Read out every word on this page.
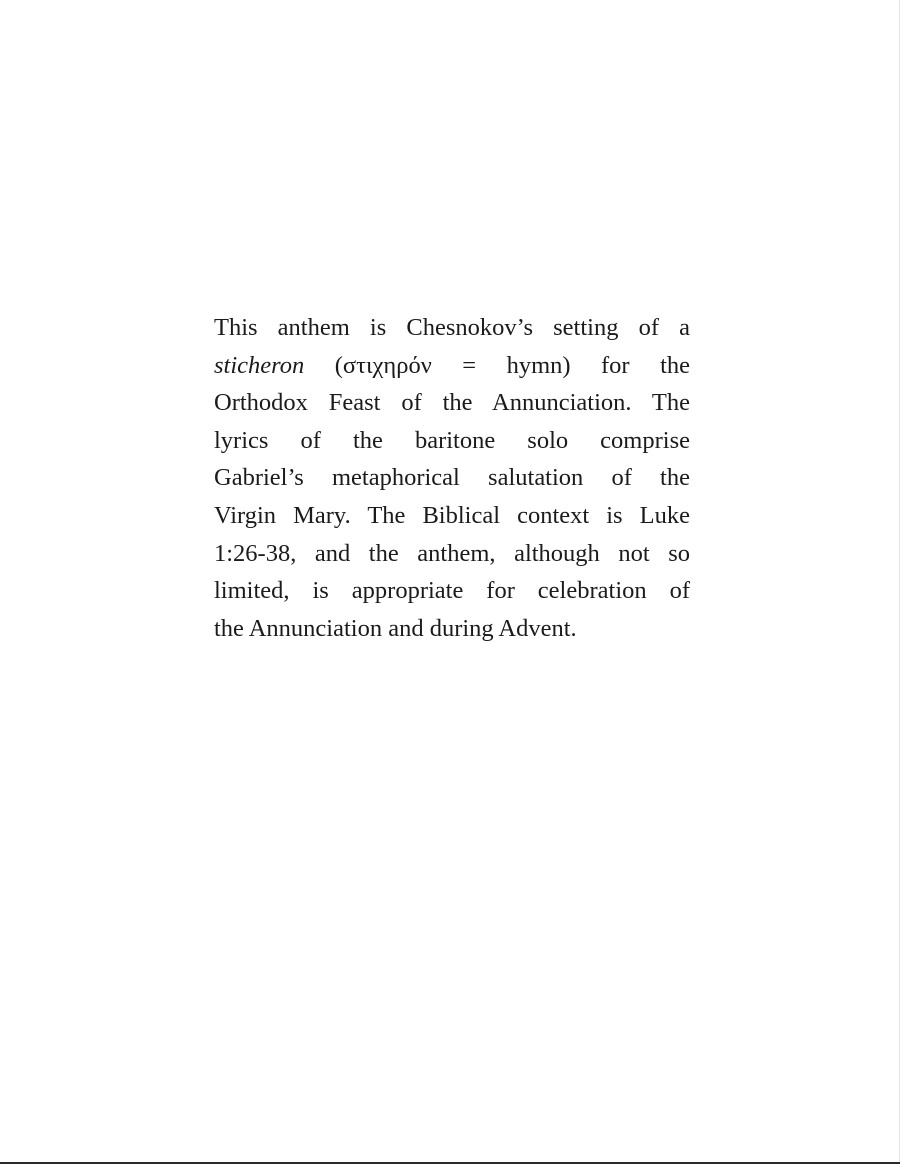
This anthem is Chesnokov’s setting of a
sticheron (στιχηρόν = hymn) for the
Orthodox Feast of the Annunciation. The
lyrics of the baritone solo comprise
Gabriel’s metaphorical salutation of the
Virgin Mary. The Biblical context is Luke
1:26-38, and the anthem, although not so
limited, is appropriate for celebration of
the Annunciation and during Advent.
